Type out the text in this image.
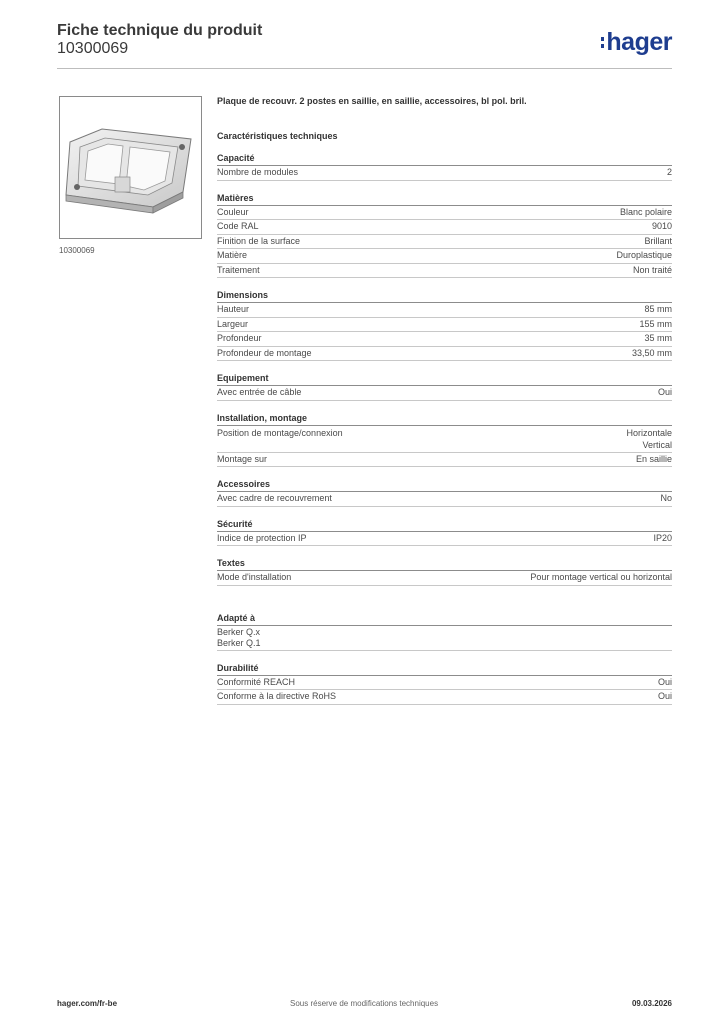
Fiche technique du produit
10300069	hager
10300069
Plaque de recouvr. 2 postes en saillie, en saillie, accessoires, bl pol. bril.
Caractéristiques techniques
Capacité
Nombre de modules	2
Matières
Couleur	Blanc polaire
Code RAL	9010
Finition de la surface	Brillant
Matière	Duroplastique
Traitement	Non traité
Dimensions
Hauteur	85 mm
Largeur	155 mm
Profondeur	35 mm
Profondeur de montage	33,50 mm
Equipement
Avec entrée de câble	Oui
Installation, montage
Position de montage/connexion	Horizontale
Vertical
Montage sur	En saillie
Accessoires
Avec cadre de recouvrement	No
Sécurité
Indice de protection IP	IP20
Textes
Mode d'installation	Pour montage vertical ou horizontal
Adapté à
Berker Q.x
Berker Q.1
Durabilité
Conformité REACH	Oui
Conforme à la directive RoHS	Oui
hager.com/fr-be	Sous réserve de modifications techniques	09.03.2026
